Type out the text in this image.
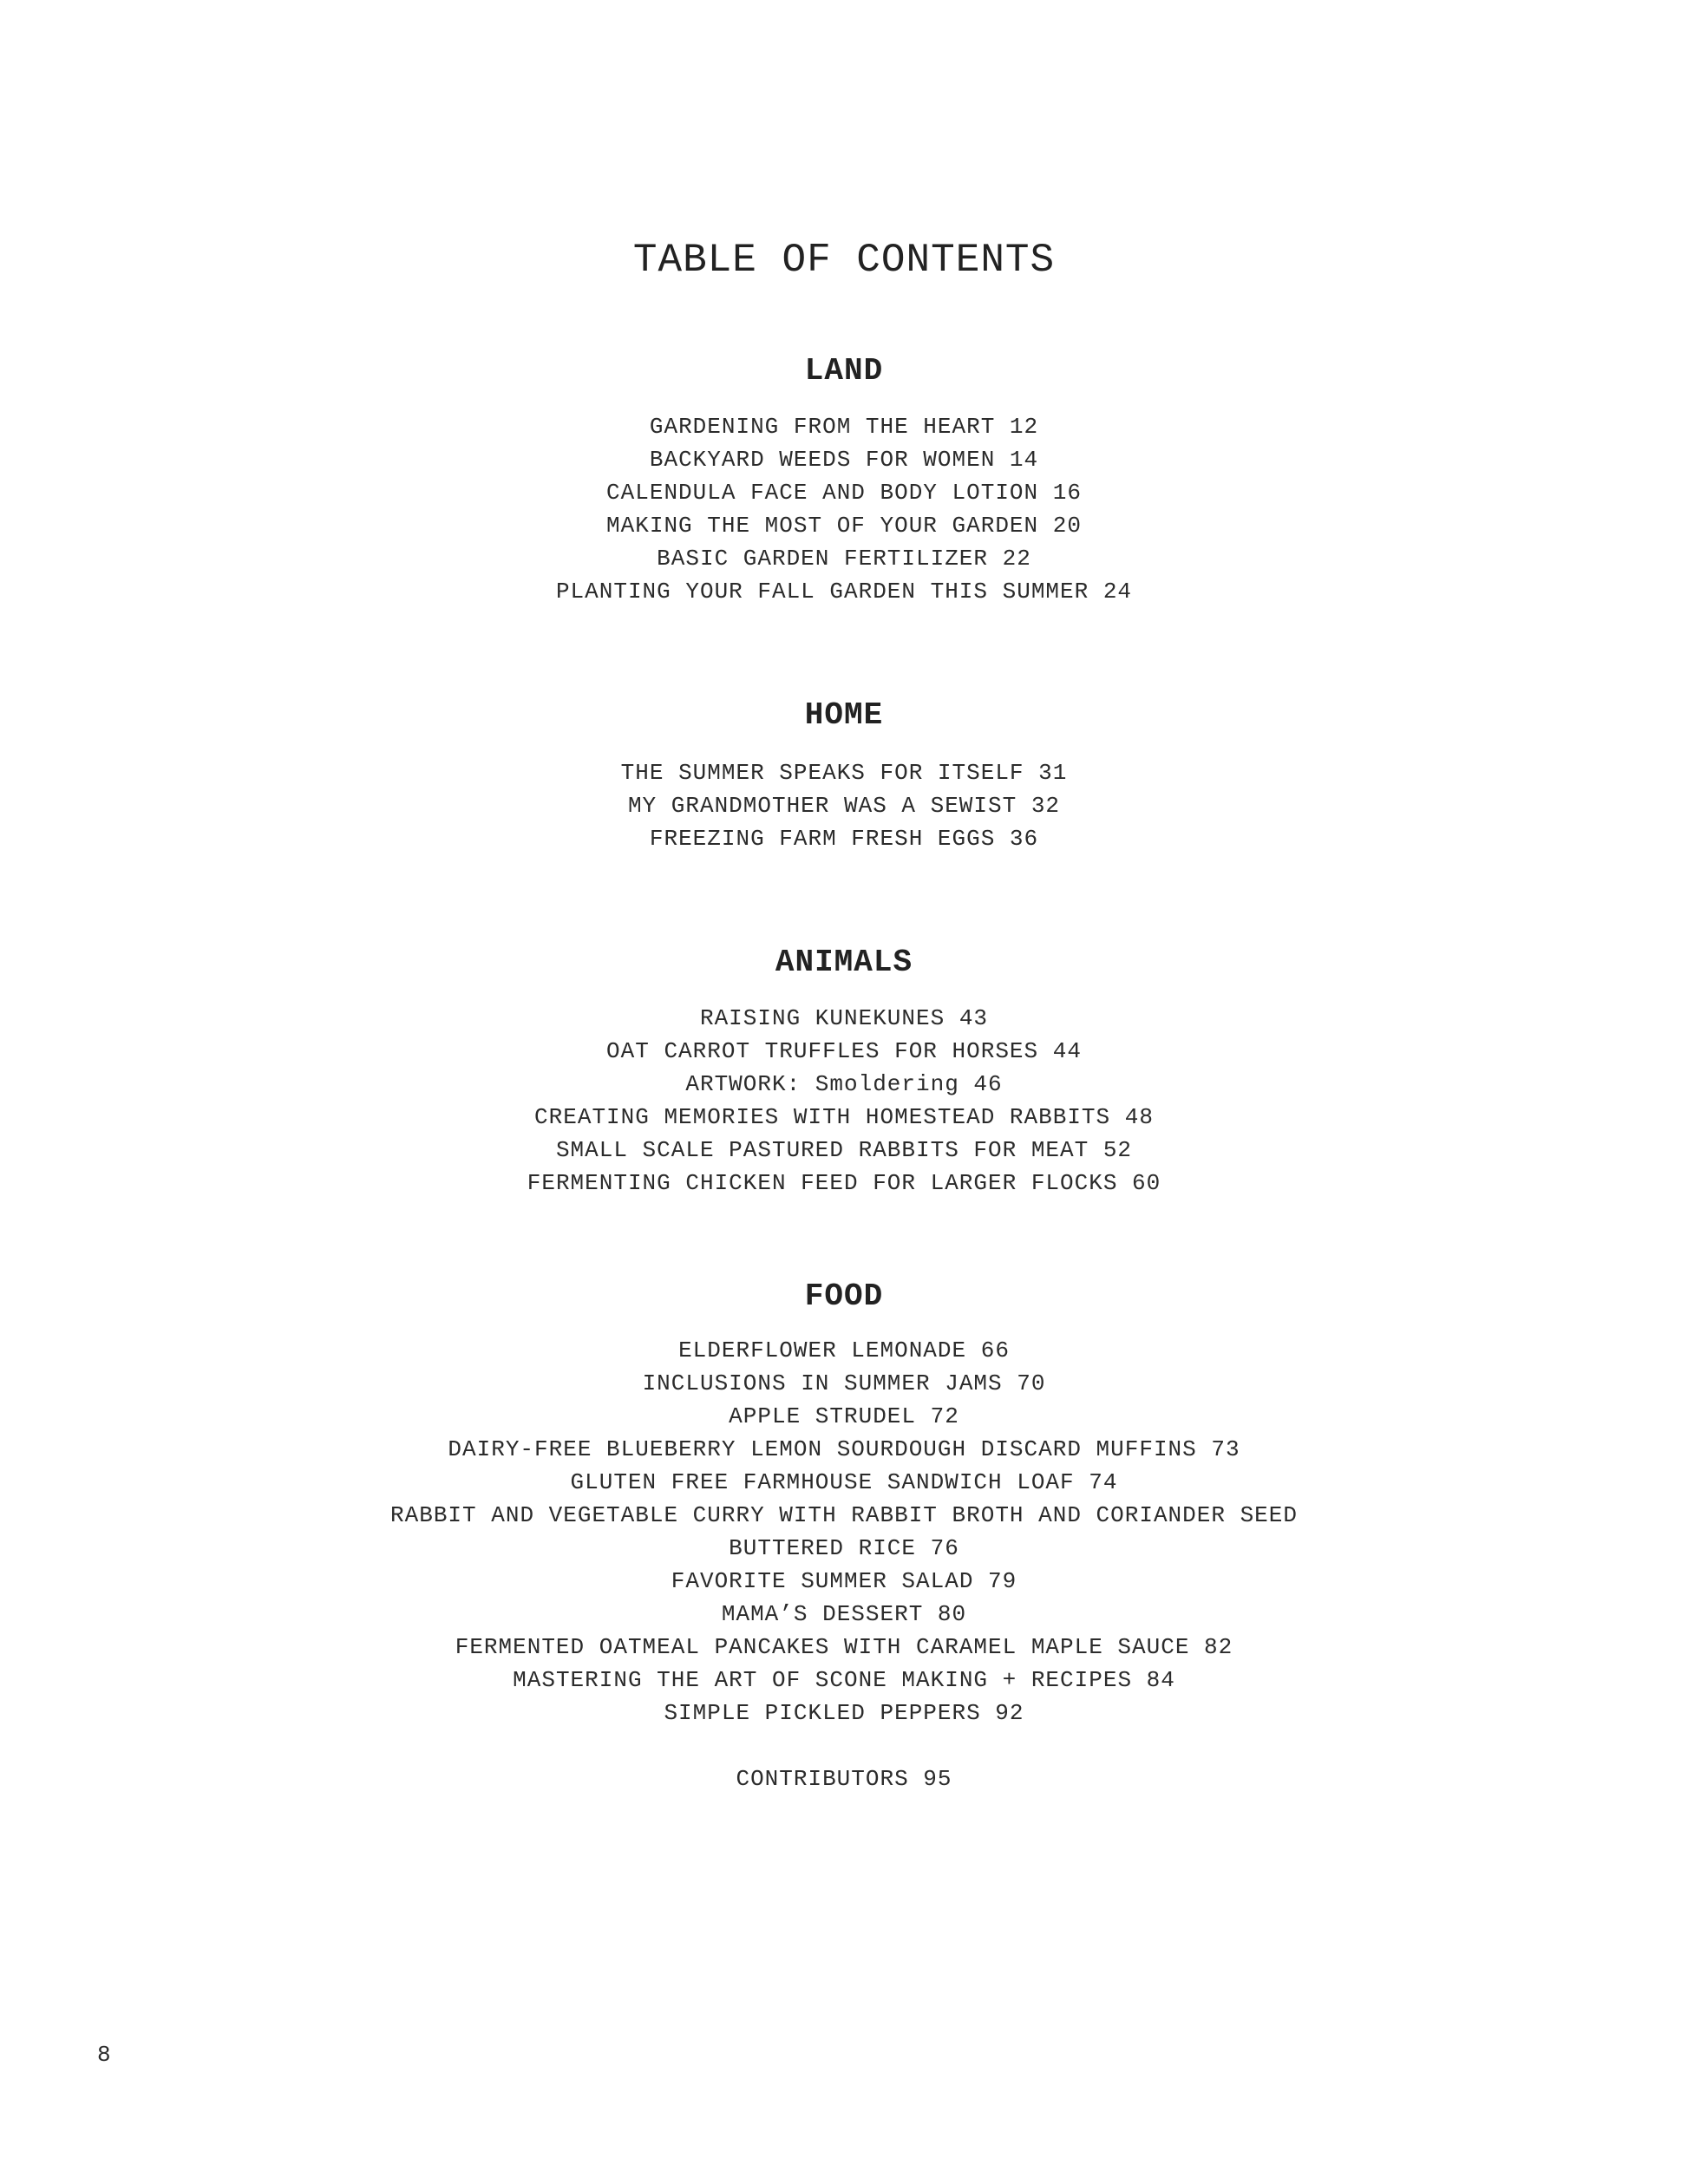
TABLE OF CONTENTS
LAND
GARDENING FROM THE HEART 12
BACKYARD WEEDS FOR WOMEN 14
CALENDULA FACE AND BODY LOTION 16
MAKING THE MOST OF YOUR GARDEN 20
BASIC GARDEN FERTILIZER 22
PLANTING YOUR FALL GARDEN THIS SUMMER 24
HOME
THE SUMMER SPEAKS FOR ITSELF 31
MY GRANDMOTHER WAS A SEWIST 32
FREEZING FARM FRESH EGGS 36
ANIMALS
RAISING KUNEKUNES 43
OAT CARROT TRUFFLES FOR HORSES 44
ARTWORK: Smoldering 46
CREATING MEMORIES WITH HOMESTEAD RABBITS 48
SMALL SCALE PASTURED RABBITS FOR MEAT 52
FERMENTING CHICKEN FEED FOR LARGER FLOCKS 60
FOOD
ELDERFLOWER LEMONADE 66
INCLUSIONS IN SUMMER JAMS 70
APPLE STRUDEL 72
DAIRY-FREE BLUEBERRY LEMON SOURDOUGH DISCARD MUFFINS 73
GLUTEN FREE FARMHOUSE SANDWICH LOAF 74
RABBIT AND VEGETABLE CURRY WITH RABBIT BROTH AND CORIANDER SEED
BUTTERED RICE 76
FAVORITE SUMMER SALAD 79
MAMA’S DESSERT 80
FERMENTED OATMEAL PANCAKES WITH CARAMEL MAPLE SAUCE 82
MASTERING THE ART OF SCONE MAKING + RECIPES 84
SIMPLE PICKLED PEPPERS 92
CONTRIBUTORS 95
8
